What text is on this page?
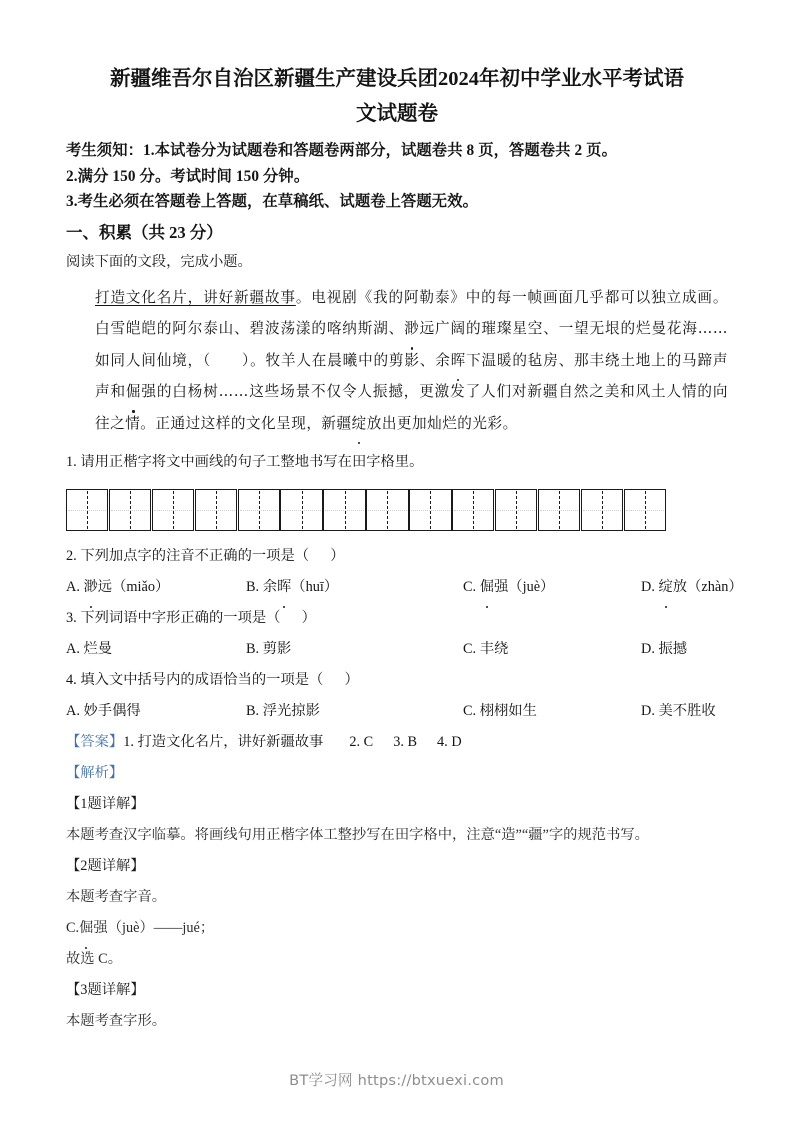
新疆维吾尔自治区新疆生产建设兵团2024年初中学业水平考试语
文试题卷

考生须知：1.本试卷分为试题卷和答题卷两部分，试题卷共 8 页，答题卷共 2 页。

2.满分 150 分。考试时间 150 分钟。

3.考生必须在答题卷上答题，在草稿纸、试题卷上答题无效。

一、积累（共 23 分）

阅读下面的文段，完成小题。

打造文化名片，讲好新疆故事。电视剧《我的阿勒泰》中的每一帧画面几乎都可以独立成画。白雪皑皑的阿尔泰山、碧波荡漾的喀纳斯湖、渺远广阔的璀璨星空、一望无垠的烂曼花海……如同人间仙境，（　　）。牧羊人在晨曦中的剪影、余晖下温暖的毡房、那丰绕土地上的马蹄声声和倔强的白杨树……这些场景不仅令人振撼，更激发了人们对新疆自然之美和风土人情的向往之情。正通过这样的文化呈现，新疆绽放出更加灿烂的光彩。

1. 请用正楷字将文中画线的句子工整地书写在田字格里。

2. 下列加点字的注音不正确的一项是（ ）

A. 渺远（miǎo）	B. 余晖（huī）	C. 倔强（juè）	D. 绽放（zhàn）

3. 下列词语中字形正确的一项是（ ）

A. 烂曼	B. 剪影	C. 丰绕	D. 振撼

4. 填入文中括号内的成语恰当的一项是（ ）

A. 妙手偶得	B. 浮光掠影	C. 栩栩如生	D. 美不胜收

【答案】1. 打造文化名片，讲好新疆故事 2. C 3. B 4. D

【解析】

【1题详解】

本题考查汉字临摹。将画线句用正楷字体工整抄写在田字格中，注意“造”“疆”字的规范书写。

【2题详解】

本题考查字音。

C.倔强（juè）——jué；

故选 C。

【3题详解】

本题考查字形。

BT学习网 https://btxuexi.com
